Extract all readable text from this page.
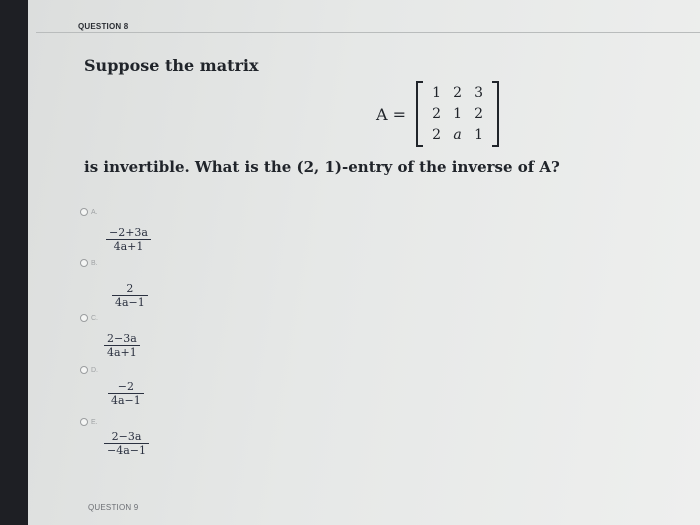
QUESTION 8
Suppose the matrix
A =
1 2 3
2 1 2
2 a 1
is invertible. What is the (2, 1)-entry of the inverse of A?
A.
−2+3a
4a+1
B.
2
4a−1
C.
2−3a
4a+1
D.
−2
4a−1
E.
2−3a
−4a−1
QUESTION 9
